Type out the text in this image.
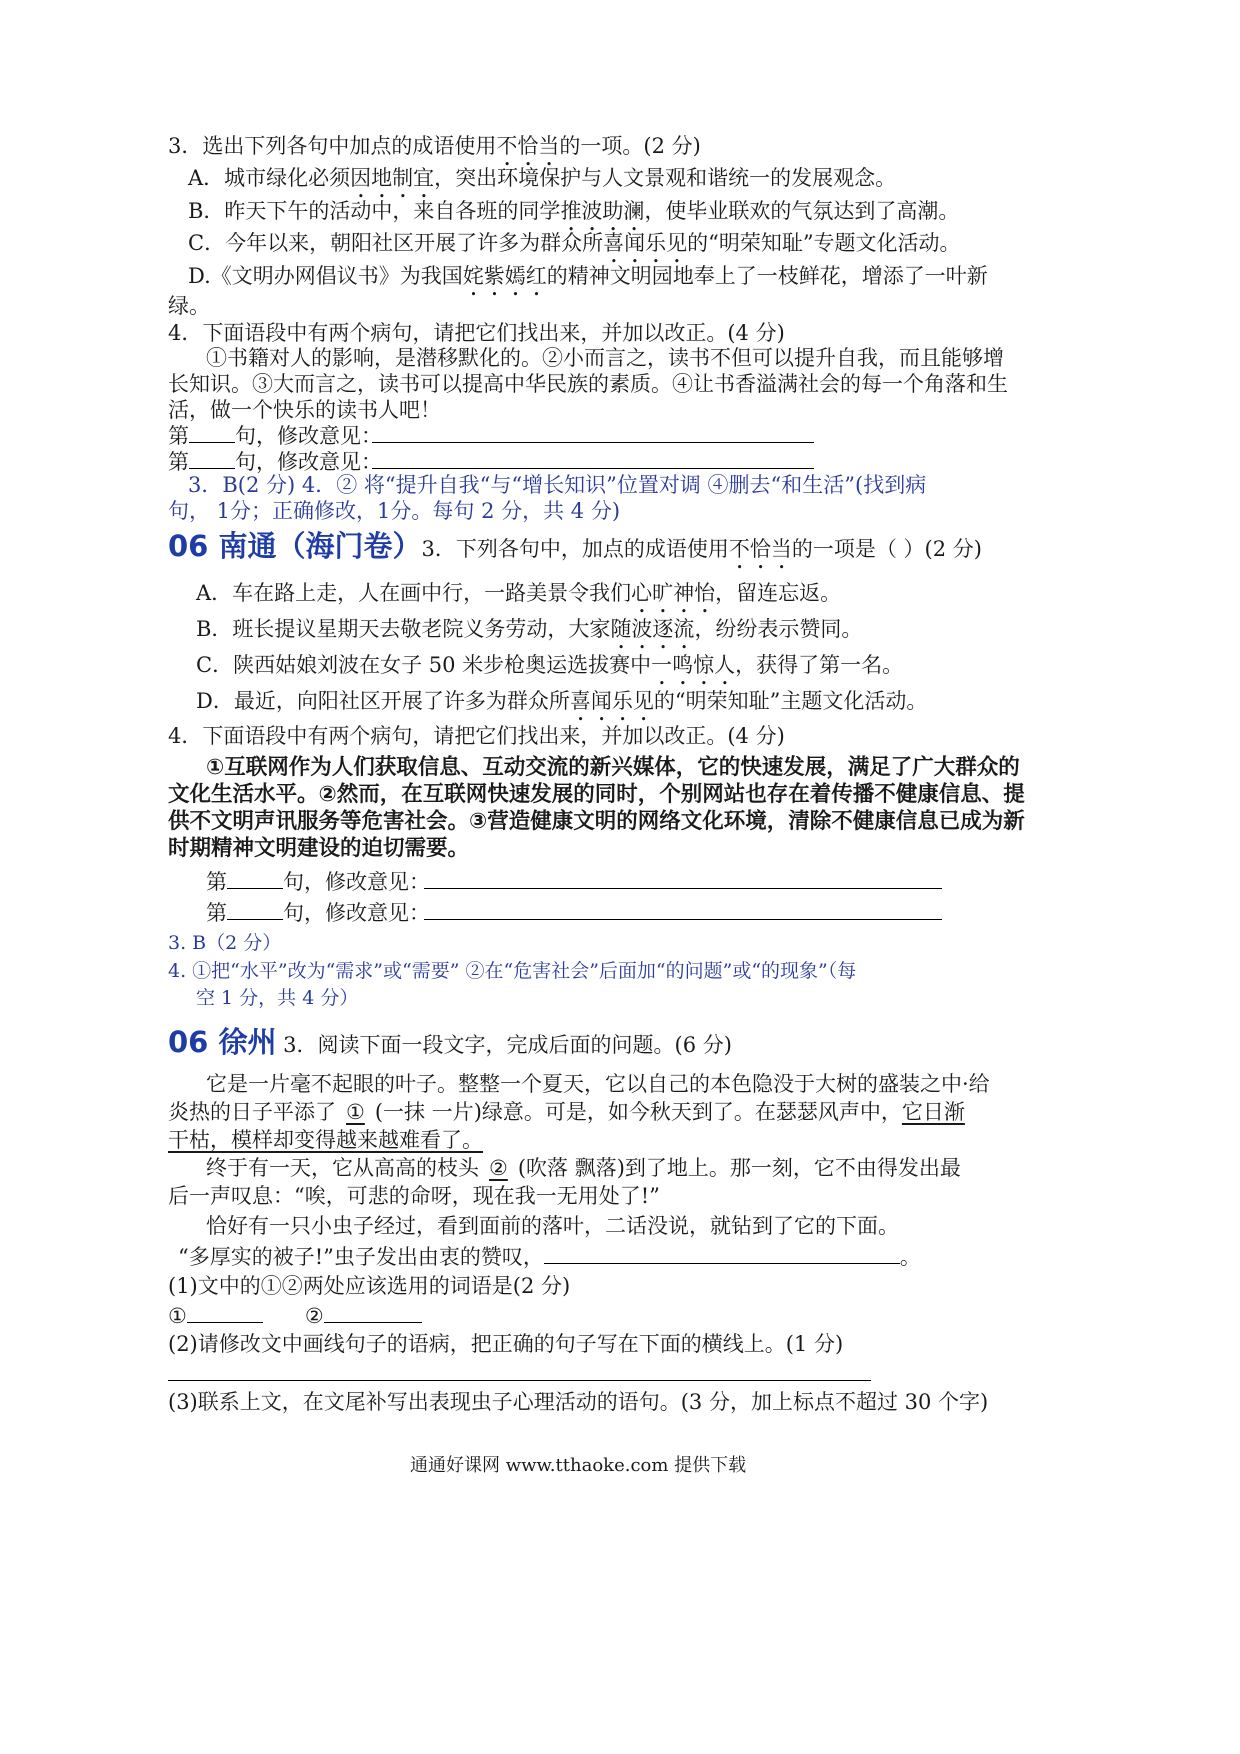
3．选出下列各句中加点的成语使用不恰当的一项。(2 分)
A．城市绿化必须因地制宜，突出环境保护与人文景观和谐统一的发展观念。
B．昨天下午的活动中，来自各班的同学推波助澜，使毕业联欢的气氛达到了高潮。
C．今年以来，朝阳社区开展了许多为群众所喜闻乐见的“明荣知耻”专题文化活动。
D.《文明办网倡议书》为我国姹紫嫣红的精神文明园地奉上了一枝鲜花，增添了一叶新
绿。
4．下面语段中有两个病句，请把它们找出来，并加以改正。(4 分)
①书籍对人的影响，是潜移默化的。②小而言之，读书不但可以提升自我，而且能够增
长知识。③大而言之，读书可以提高中华民族的素质。④让书香溢满社会的每一个角落和生
活，做一个快乐的读书人吧！
第 句，修改意见：
第 句，修改意见：
3．B(2 分) 4．② 将“提升自我“与“增长知识”位置对调 ④删去“和生活”(找到病
句， 1分；正确修改，1分。每句 2 分，共 4 分)
06 南通（海门卷）3．下列各句中，加点的成语使用不恰当的一项是（ ）(2 分)
A．车在路上走，人在画中行，一路美景令我们心旷神怡，留连忘返。
B．班长提议星期天去敬老院义务劳动，大家随波逐流，纷纷表示赞同。
C．陕西姑娘刘波在女子 50 米步枪奥运选拔赛中一鸣惊人，获得了第一名。
D．最近，向阳社区开展了许多为群众所喜闻乐见的“明荣知耻”主题文化活动。
4．下面语段中有两个病句，请把它们找出来，并加以改正。(4 分)
①互联网作为人们获取信息、互动交流的新兴媒体，它的快速发展，满足了广大群众的
文化生活水平。②然而，在互联网快速发展的同时，个别网站也存在着传播不健康信息、提
供不文明声讯服务等危害社会。③营造健康文明的网络文化环境，清除不健康信息已成为新
时期精神文明建设的迫切需要。
第	句，修改意见：
第	句，修改意见：
3. B（2 分）
4. ①把“水平”改为“需求”或“需要” ②在“危害社会”后面加“的问题”或“的现象”（每
空 1 分，共 4 分）
06 徐州 3．阅读下面一段文字，完成后面的问题。(6 分)
它是一片毫不起眼的叶子。整整一个夏天，它以自己的本色隐没于大树的盛装之中·给
炎热的日子平添了 ① (一抹 一片)绿意。可是，如今秋天到了。在瑟瑟风声中，它日渐
干枯，模样却变得越来越难看了。
终于有一天，它从高高的枝头 ② (吹落 飘落)到了地上。那一刻，它不由得发出最
后一声叹息：“唉，可悲的命呀，现在我一无用处了!”
恰好有一只小虫子经过，看到面前的落叶，二话没说，就钻到了它的下面。
“多厚实的被子!”虫子发出由衷的赞叹，	。
(1)文中的①②两处应该选用的词语是(2 分)
①	②
(2)请修改文中画线句子的语病，把正确的句子写在下面的横线上。(1 分)
(3)联系上文，在文尾补写出表现虫子心理活动的语句。(3 分，加上标点不超过 30 个字)
通通好课网 www.tthaoke.com 提供下载
